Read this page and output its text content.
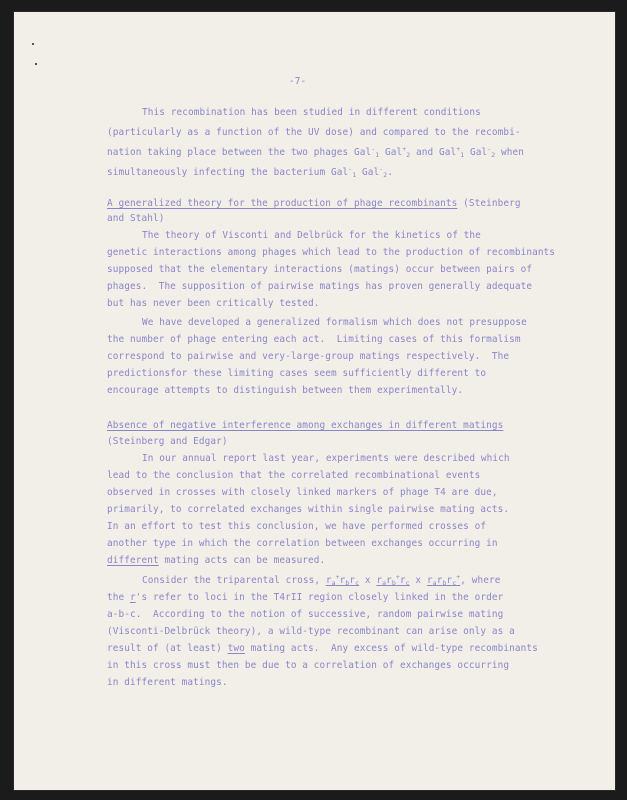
-7-
This recombination has been studied in different conditions
(particularly as a function of the UV dose) and compared to the recombi-
nation taking place between the two phages Gal-$_1$ Gal+$_2$ and Gal+$_1$ Gal-$_2$ when
simultaneously infecting the bacterium Gal-$_1$ Gal-$_2$.
A generalized theory for the production of phage recombinants (Steinberg
and Stahl)
The theory of Visconti and Delbrück for the kinetics of the
genetic interactions among phages which lead to the production of recombinants
supposed that the elementary interactions (matings) occur between pairs of
phages.  The supposition of pairwise matings has proven generally adequate
but has never been critically tested.
We have developed a generalized formalism which does not presuppose
the number of phage entering each act.  Limiting cases of this formalism
correspond to pairwise and very-large-group matings respectively.  The
predictionsfor these limiting cases seem sufficiently different to
encourage attempts to distinguish between them experimentally.
Absence of negative interference among exchanges in different matings
(Steinberg and Edgar)
In our annual report last year, experiments were described which
lead to the conclusion that the correlated recombinational events
observed in crosses with closely linked markers of phage T4 are due,
primarily, to correlated exchanges within single pairwise mating acts.
In an effort to test this conclusion, we have performed crosses of
another type in which the correlation between exchanges occurring in
different mating acts can be measured.
Consider the triparental cross, $r_a^+r_br_c$ x $r_ar_b^+r_c$ x $r_ar_br_c^+$, where
the r's refer to loci in the T4rII region closely linked in the order
a-b-c.  According to the notion of successive, random pairwise mating
(Visconti-Delbrück theory), a wild-type recombinant can arise only as a
result of (at least) two mating acts.  Any excess of wild-type recombinants
in this cross must then be due to a correlation of exchanges occurring
in different matings.
